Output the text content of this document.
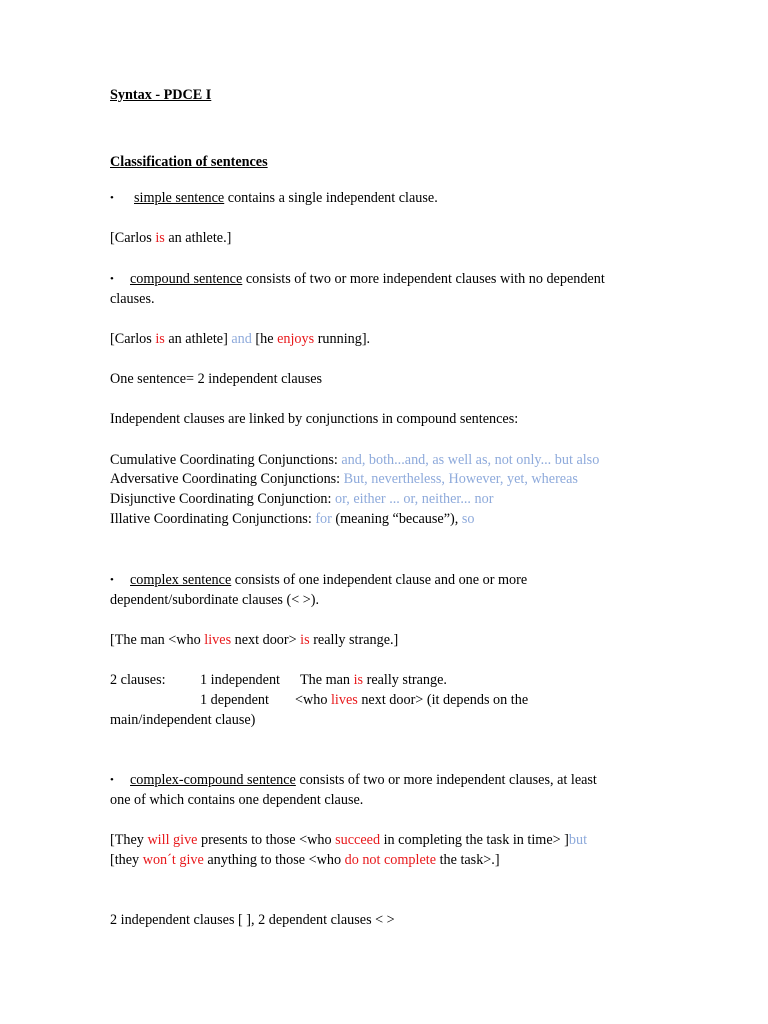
Syntax - PDCE I
Classification of sentences
• simple sentence contains a single independent clause.
[Carlos is an athlete.]
• compound sentence consists of two or more independent clauses with no dependent
clauses.
[Carlos is an athlete] and [he enjoys running].
One sentence= 2 independent clauses
Independent clauses are linked by conjunctions in compound sentences:
Cumulative Coordinating Conjunctions: and, both...and, as well as, not only... but also
Adversative Coordinating Conjunctions: But, nevertheless, However, yet, whereas
Disjunctive Coordinating Conjunction: or, either ... or, neither... nor
Illative Coordinating Conjunctions: for (meaning “because”), so
• complex sentence consists of one independent clause and one or more
dependent/subordinate clauses (< >).
[The man <who lives next door> is really strange.]
2 clauses: 1 independent The man is really strange.
1 dependent <who lives next door> (it depends on the
main/independent clause)
• complex-compound sentence consists of two or more independent clauses, at least
one of which contains one dependent clause.
[They will give presents to those <who succeed in completing the task in time> ]but
[they won´t give anything to those <who do not complete the task>.]
2 independent clauses [ ], 2 dependent clauses < >
